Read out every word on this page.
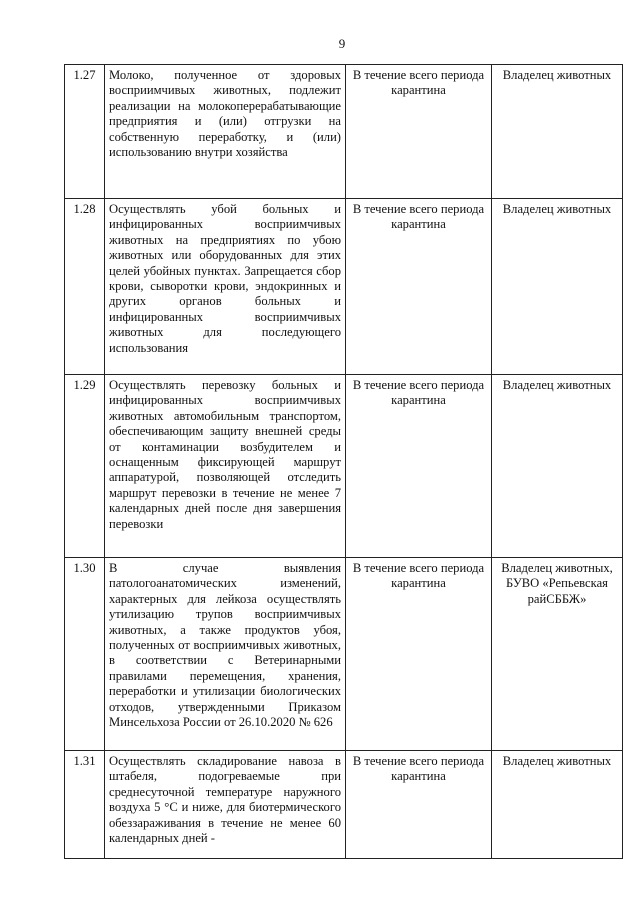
9
1.27	Молоко, полученное от здоровых восприимчивых животных, подлежит реализации на молокоперерабатывающие предприятия и (или) отгрузки на собственную переработку, и (или) использованию внутри хозяйства	В течение всего периода карантина	Владелец животных
1.28	Осуществлять убой больных и инфицированных восприимчивых животных на предприятиях по убою животных или оборудованных для этих целей убойных пунктах. Запрещается сбор крови, сыворотки крови, эндокринных и других органов больных и инфицированных восприимчивых животных для последующего использования	В течение всего периода карантина	Владелец животных
1.29	Осуществлять перевозку больных и инфицированных восприимчивых животных автомобильным транспортом, обеспечивающим защиту внешней среды от контаминации возбудителем и оснащенным фиксирующей маршрут аппаратурой, позволяющей отследить маршрут перевозки в течение не менее 7 календарных дней после дня завершения перевозки	В течение всего периода карантина	Владелец животных
1.30	В случае выявления патологоанатомических изменений, характерных для лейкоза осуществлять утилизацию трупов восприимчивых животных, а также продуктов убоя, полученных от восприимчивых животных, в соответствии с Ветеринарными правилами перемещения, хранения, переработки и утилизации биологических отходов, утвержденными Приказом Минсельхоза России от 26.10.2020 № 626	В течение всего периода карантина	Владелец животных, БУВО «Репьевская райСББЖ»
1.31	Осуществлять складирование навоза в штабеля, подогреваемые при среднесуточной температуре наружного воздуха 5 °С и ниже, для биотермического обеззараживания в течение не менее 60 календарных дней -	В течение всего периода карантина	Владелец животных
